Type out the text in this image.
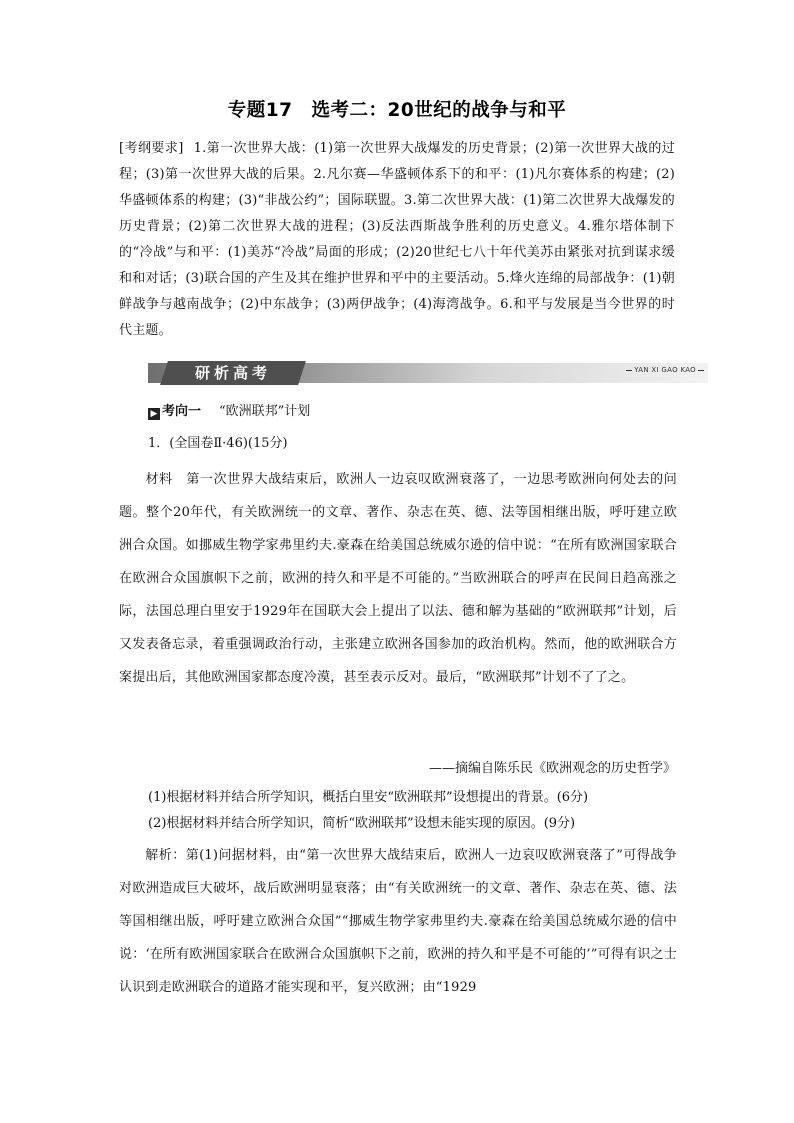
专题17　选考二：20世纪的战争与和平
[考纲要求] 1.第一次世界大战：(1)第一次世界大战爆发的历史背景；(2)第一次世界大战的过程；(3)第一次世界大战的后果。2.凡尔赛—华盛顿体系下的和平：(1)凡尔赛体系的构建；(2)华盛顿体系的构建；(3)“非战公约”；国际联盟。3.第二次世界大战：(1)第二次世界大战爆发的历史背景；(2)第二次世界大战的进程；(3)反法西斯战争胜利的历史意义。4.雅尔塔体制下的“冷战”与和平：(1)美苏“冷战”局面的形成；(2)20世纪七八十年代美苏由紧张对抗到谋求缓和和对话；(3)联合国的产生及其在维护世界和平中的主要活动。5.烽火连绵的局部战争：(1)朝鲜战争与越南战争；(2)中东战争；(3)两伊战争；(4)海湾战争。6.和平与发展是当今世界的时代主题。
研析高考	YAN XI GAO KAO
▶ 考向一 “欧洲联邦”计划
1．(全国卷Ⅱ·46)(15分)
材料　第一次世界大战结束后，欧洲人一边哀叹欧洲衰落了，一边思考欧洲向何处去的问题。整个20年代，有关欧洲统一的文章、著作、杂志在英、德、法等国相继出版，呼吁建立欧洲合众国。如挪威生物学家弗里约夫.豪森在给美国总统威尔逊的信中说：“在所有欧洲国家联合在欧洲合众国旗帜下之前，欧洲的持久和平是不可能的。”当欧洲联合的呼声在民间日趋高涨之际，法国总理白里安于1929年在国联大会上提出了以法、德和解为基础的“欧洲联邦”计划，后又发表备忘录，着重强调政治行动，主张建立欧洲各国参加的政治机构。然而，他的欧洲联合方案提出后，其他欧洲国家都态度冷漠，甚至表示反对。最后，“欧洲联邦”计划不了了之。
——摘编自陈乐民《欧洲观念的历史哲学》
(1)根据材料并结合所学知识，概括白里安“欧洲联邦”设想提出的背景。(6分)
(2)根据材料并结合所学知识，简析“欧洲联邦”设想未能实现的原因。(9分)
解析：第(1)问据材料，由“第一次世界大战结束后，欧洲人一边哀叹欧洲衰落了”可得战争对欧洲造成巨大破坏，战后欧洲明显衰落；由“有关欧洲统一的文章、著作、杂志在英、德、法等国相继出版，呼吁建立欧洲合众国”“挪威生物学家弗里约夫.豪森在给美国总统威尔逊的信中说：‘在所有欧洲国家联合在欧洲合众国旗帜下之前，欧洲的持久和平是不可能的’”可得有识之士认识到走欧洲联合的道路才能实现和平，复兴欧洲；由“1929
